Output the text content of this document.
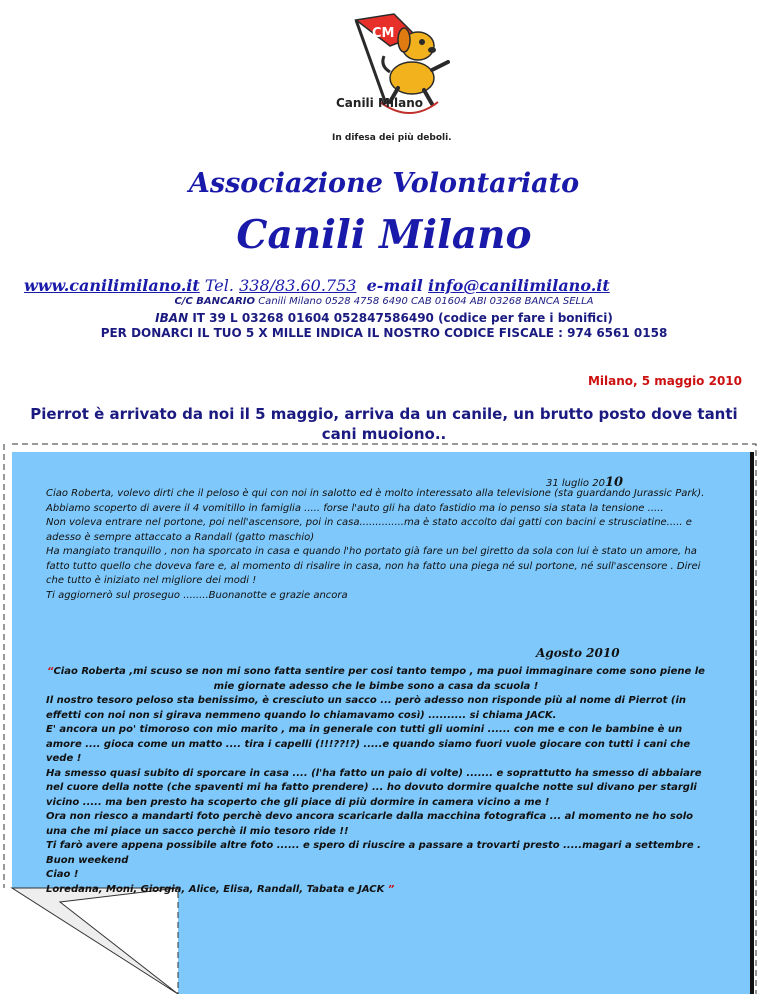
CM
Canili Milano
In difesa dei più deboli.
Associazione Volontariato
Canili Milano
www.canilimilano.it Tel. 338/83.60.753 e-mail info@canilimilano.it
C/C BANCARIO Canili Milano 0528 4758 6490 CAB 01604 ABI 03268 BANCA SELLA
IBAN IT 39 L 03268 01604 052847586490 (codice per fare i bonifici)
PER DONARCI IL TUO 5 X MILLE INDICA IL NOSTRO CODICE FISCALE : 974 6561 0158
Milano, 5 maggio 2010
Pierrot è arrivato da noi il 5 maggio, arriva da un canile, un brutto posto dove tanti cani muoiono..
31 luglio 2010

Ciao Roberta, volevo dirti che il peloso è qui con noi in salotto ed è molto interessato alla televisione (sta guardando Jurassic Park).

Abbiamo scoperto di avere il 4 vomitillo in famiglia ..... forse l'auto gli ha dato fastidio ma io penso sia stata la tensione .....

Non voleva entrare nel portone, poi nell'ascensore, poi in casa..............ma è stato accolto dai gatti con bacini e strusciatine..... e adesso è sempre attaccato a Randall (gatto maschio)

Ha mangiato tranquillo , non ha sporcato in casa e quando l'ho portato già fare un bel giretto da sola con lui è stato un amore, ha fatto tutto quello che doveva fare e, al momento di risalire in casa, non ha fatto una piega né sul portone, né sull'ascensore . Direi che tutto è iniziato nel migliore dei modi !

Ti aggiornerò sul proseguo ........Buonanotte e grazie ancora

Agosto 2010

“Ciao Roberta ,mi scuso se non mi sono fatta sentire per cosi tanto tempo , ma puoi immaginare come sono piene le mie giornate adesso che le bimbe sono a casa da scuola !

Il nostro tesoro peloso sta benissimo, è cresciuto un sacco ... però adesso non risponde più al nome di Pierrot (in effetti con noi non si girava nemmeno quando lo chiamavamo così) .......... si chiama JACK.

E' ancora un po' timoroso con mio marito , ma in generale con tutti gli uomini ...... con me e con le bambine è un amore .... gioca come un matto .... tira i capelli (!!!??!?) .....e quando siamo fuori vuole giocare con tutti i cani che vede !

Ha smesso quasi subito di sporcare in casa .... (l'ha fatto un paio di volte) ....... e soprattutto ha smesso di abbaiare nel cuore della notte (che spaventi mi ha fatto prendere) ... ho dovuto dormire qualche notte sul divano per stargli vicino ..... ma ben presto ha scoperto che gli piace di più dormire in camera vicino a me !

Ora non riesco a mandarti foto perchè devo ancora scaricarle dalla macchina fotografica ... al momento ne ho solo una che mi piace un sacco perchè il mio tesoro ride !!

Ti farò avere appena possibile altre foto ...... e spero di riuscire a passare a trovarti presto .....magari a settembre .

Buon weekend

Ciao !

Loredana, Moni, Giorgia, Alice, Elisa, Randall, Tabata e JACK ”
